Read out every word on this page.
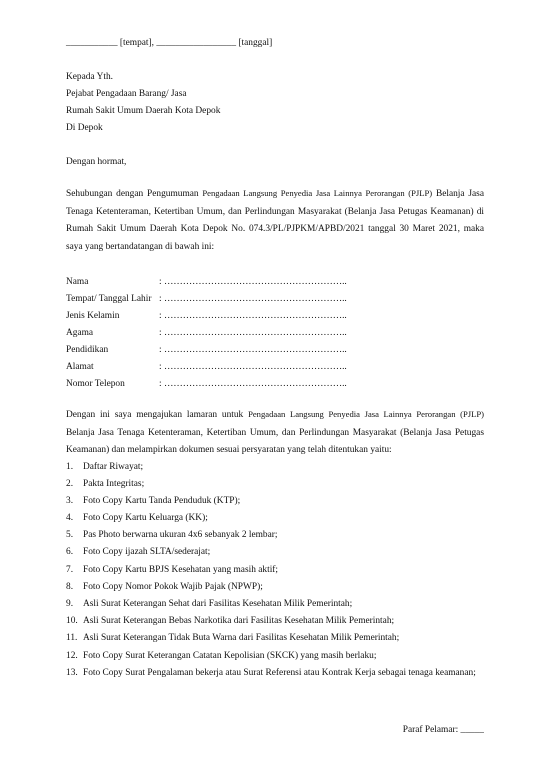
___________ [tempat], _________________ [tanggal]
Kepada Yth.
Pejabat Pengadaan Barang/ Jasa
Rumah Sakit Umum Daerah Kota Depok
Di Depok
Dengan hormat,
Sehubungan dengan Pengumuman Pengadaan Langsung Penyedia Jasa Lainnya Perorangan (PJLP) Belanja Jasa Tenaga Ketenteraman, Ketertiban Umum, dan Perlindungan Masyarakat (Belanja Jasa Petugas Keamanan) di Rumah Sakit Umum Daerah Kota Depok No. 074.3/PL/PJPKM/APBD/2021 tanggal 30 Maret 2021, maka saya yang bertandatangan di bawah ini:
Nama	: …………………………………………………..
Tempat/ Tanggal Lahir : …………………………………………………..
Jenis Kelamin	: …………………………………………………..
Agama	: …………………………………………………..
Pendidikan	: …………………………………………………..
Alamat	: …………………………………………………..
Nomor Telepon	: …………………………………………………..
Dengan ini saya mengajukan lamaran untuk Pengadaan Langsung Penyedia Jasa Lainnya Perorangan (PJLP) Belanja Jasa Tenaga Ketenteraman, Ketertiban Umum, dan Perlindungan Masyarakat (Belanja Jasa Petugas Keamanan) dan melampirkan dokumen sesuai persyaratan yang telah ditentukan yaitu:
1.	Daftar Riwayat;
2.	Pakta Integritas;
3.	Foto Copy Kartu Tanda Penduduk (KTP);
4.	Foto Copy Kartu Keluarga (KK);
5.	Pas Photo berwarna ukuran 4x6 sebanyak 2 lembar;
6.	Foto Copy ijazah SLTA/sederajat;
7.	Foto Copy Kartu BPJS Kesehatan yang masih aktif;
8.	Foto Copy Nomor Pokok Wajib Pajak (NPWP);
9.	Asli Surat Keterangan Sehat dari Fasilitas Kesehatan Milik Pemerintah;
10. Asli Surat Keterangan Bebas Narkotika dari Fasilitas Kesehatan Milik Pemerintah;
11. Asli Surat Keterangan Tidak Buta Warna dari Fasilitas Kesehatan Milik Pemerintah;
12. Foto Copy Surat Keterangan Catatan Kepolisian (SKCK) yang masih berlaku;
13. Foto Copy Surat Pengalaman bekerja atau Surat Referensi atau Kontrak Kerja sebagai tenaga keamanan;
Paraf Pelamar: _____
